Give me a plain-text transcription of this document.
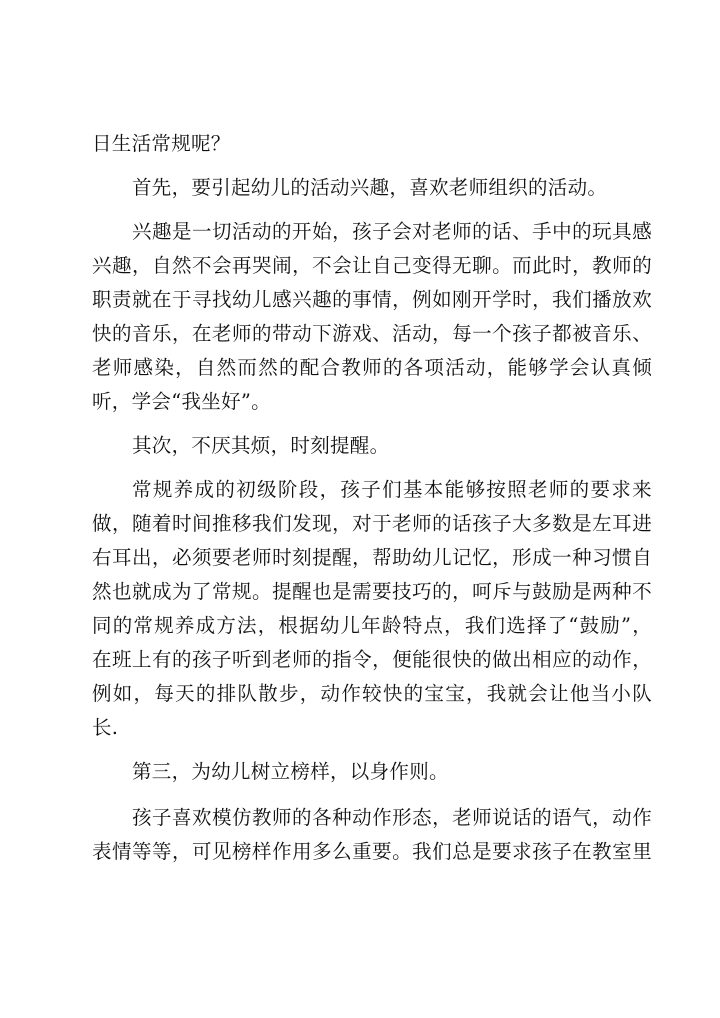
日生活常规呢？
首先，要引起幼儿的活动兴趣，喜欢老师组织的活动。
兴趣是一切活动的开始，孩子会对老师的话、手中的玩具感
兴趣，自然不会再哭闹，不会让自己变得无聊。而此时，教师的
职责就在于寻找幼儿感兴趣的事情，例如刚开学时，我们播放欢
快的音乐，在老师的带动下游戏、活动，每一个孩子都被音乐、
老师感染，自然而然的配合教师的各项活动，能够学会认真倾
听，学会“我坐好”。
其次，不厌其烦，时刻提醒。
常规养成的初级阶段，孩子们基本能够按照老师的要求来
做，随着时间推移我们发现，对于老师的话孩子大多数是左耳进
右耳出，必须要老师时刻提醒，帮助幼儿记忆，形成一种习惯自
然也就成为了常规。提醒也是需要技巧的，呵斥与鼓励是两种不
同的常规养成方法，根据幼儿年龄特点，我们选择了“鼓励”，
在班上有的孩子听到老师的指令，便能很快的做出相应的动作，
例如，每天的排队散步，动作较快的宝宝，我就会让他当小队
长.
第三，为幼儿树立榜样，以身作则。
孩子喜欢模仿教师的各种动作形态，老师说话的语气，动作
表情等等，可见榜样作用多么重要。我们总是要求孩子在教室里
